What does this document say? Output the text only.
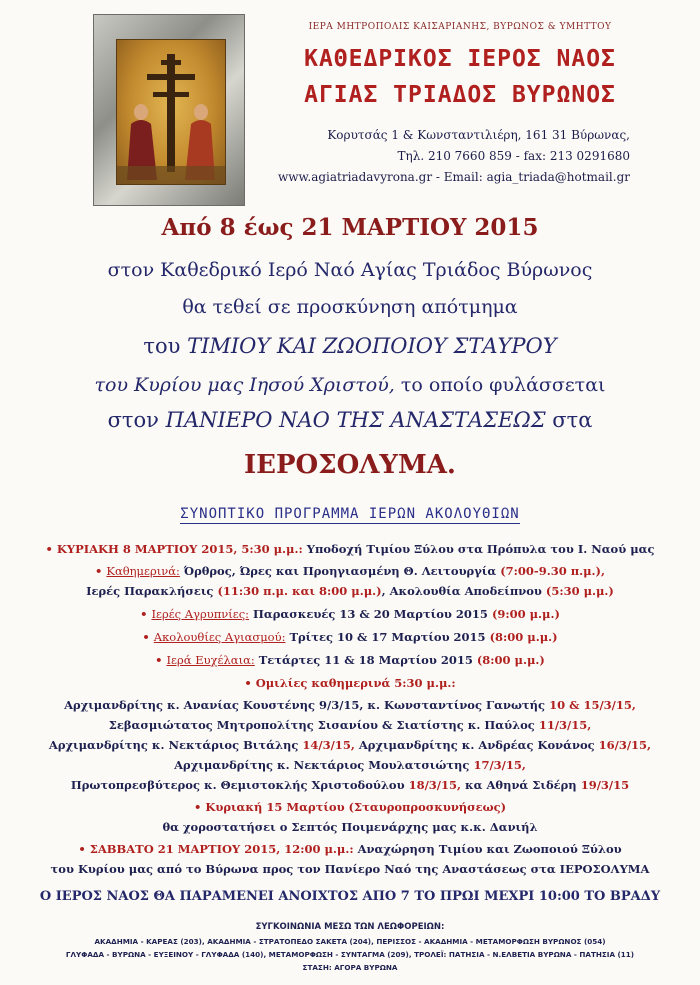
ΙΕΡΑ ΜΗΤΡΟΠΟΛΙΣ ΚΑΙΣΑΡΙΑΝΗΣ, ΒΥΡΩΝΟΣ & ΥΜΗΤΤΟΥ
ΚΑΘΕΔΡΙΚΟΣ ΙΕΡΟΣ ΝΑΟΣ
ΑΓΙΑΣ ΤΡΙΑΔΟΣ ΒΥΡΩΝΟΣ
Κορυτσάς 1 & Κωνσταντιλιέρη, 161 31 Βύρωνας,
Τηλ. 210 7660 859 - fax: 213 0291680
www.agiatriadavyrona.gr - Email: agia_triada@hotmail.gr
Από 8 έως 21 ΜΑΡΤΙΟΥ 2015
στον Καθεδρικό Ιερό Ναό Αγίας Τριάδος Βύρωνος
θα τεθεί σε προσκύνηση απότμημα
του ΤΙΜΙΟΥ ΚΑΙ ΖΩΟΠΟΙΟΥ ΣΤΑΥΡΟΥ
του Κυρίου μας Ιησού Χριστού, το οποίο φυλάσσεται
στον ΠΑΝΙΕΡΟ ΝΑΟ ΤΗΣ ΑΝΑΣΤΑΣΕΩΣ στα
ΙΕΡΟΣΟΛΥΜΑ.
ΣΥΝΟΠΤΙΚΟ ΠΡΟΓΡΑΜΜΑ ΙΕΡΩΝ ΑΚΟΛΟΥΘΙΩΝ
• ΚΥΡΙΑΚΗ 8 ΜΑΡΤΙΟΥ 2015, 5:30 μ.μ.: Υποδοχή Τιμίου Ξύλου στα Πρόπυλα του Ι. Ναού μας
• Καθημερινά: Όρθρος, Ώρες και Προηγιασμένη Θ. Λειτουργία (7:00-9.30 π.μ.),
Ιερές Παρακλήσεις (11:30 π.μ. και 8:00 μ.μ.), Ακολουθία Αποδείπνου (5:30 μ.μ.)
• Ιερές Αγρυπνίες: Παρασκευές 13 & 20 Μαρτίου 2015 (9:00 μ.μ.)
• Ακολουθίες Αγιασμού: Τρίτες 10 & 17 Μαρτίου 2015 (8:00 μ.μ.)
• Ιερά Ευχέλαια: Τετάρτες 11 & 18 Μαρτίου 2015 (8:00 μ.μ.)
• Ομιλίες καθημερινά 5:30 μ.μ.:
Αρχιμανδρίτης κ. Ανανίας Κουστένης 9/3/15, κ. Κωνσταντίνος Γανωτής 10 & 15/3/15,
Σεβασμιώτατος Μητροπολίτης Σισανίου & Σιατίστης κ. Παύλος 11/3/15,
Αρχιμανδρίτης κ. Νεκτάριος Βιτάλης 14/3/15, Αρχιμανδρίτης κ. Ανδρέας Κονάνος 16/3/15,
Αρχιμανδρίτης κ. Νεκτάριος Μουλατσιώτης 17/3/15,
Πρωτοπρεσβύτερος κ. Θεμιστοκλής Χριστοδούλου 18/3/15, κα Αθηνά Σιδέρη 19/3/15
• Κυριακή 15 Μαρτίου (Σταυροπροσκυνήσεως)
θα χοροστατήσει ο Σεπτός Ποιμενάρχης μας κ.κ. Δανιήλ
• ΣΑΒΒΑΤΟ 21 ΜΑΡΤΙΟΥ 2015, 12:00 μ.μ.: Αναχώρηση Τιμίου και Ζωοποιού Ξύλου
του Κυρίου μας από το Βύρωνα προς τον Πανίερο Ναό της Αναστάσεως στα ΙΕΡΟΣΟΛΥΜΑ
Ο ΙΕΡΟΣ ΝΑΟΣ ΘΑ ΠΑΡΑΜΕΝΕΙ ΑΝΟΙΧΤΟΣ ΑΠΟ 7 ΤΟ ΠΡΩΙ ΜΕΧΡΙ 10:00 ΤΟ ΒΡΑΔΥ
ΣΥΓΚΟΙΝΩΝΙΑ ΜΕΣΩ ΤΩΝ ΛΕΩΦΟΡΕΙΩΝ:
ΑΚΑΔΗΜΙΑ - ΚΑΡΕΑΣ (203), ΑΚΑΔΗΜΙΑ - ΣΤΡΑΤΟΠΕΔΟ ΣΑΚΕΤΑ (204), ΠΕΡΙΣΣΟΣ - ΑΚΑΔΗΜΙΑ - ΜΕΤΑΜΟΡΦΩΣΗ ΒΥΡΩΝΟΣ (054)
ΓΛΥΦΑΔΑ - ΒΥΡΩΝΑ - ΕΥΞΕΙΝΟΥ - ΓΛΥΦΑΔΑ (140), ΜΕΤΑΜΟΡΦΩΣΗ - ΣΥΝΤΑΓΜΑ (209), ΤΡΟΛΕΪ: ΠΑΤΗΣΙΑ - Ν.ΕΛΒΕΤΙΑ ΒΥΡΩΝΑ - ΠΑΤΗΣΙΑ (11)
ΣΤΑΣΗ: ΑΓΟΡΑ ΒΥΡΩΝΑ
